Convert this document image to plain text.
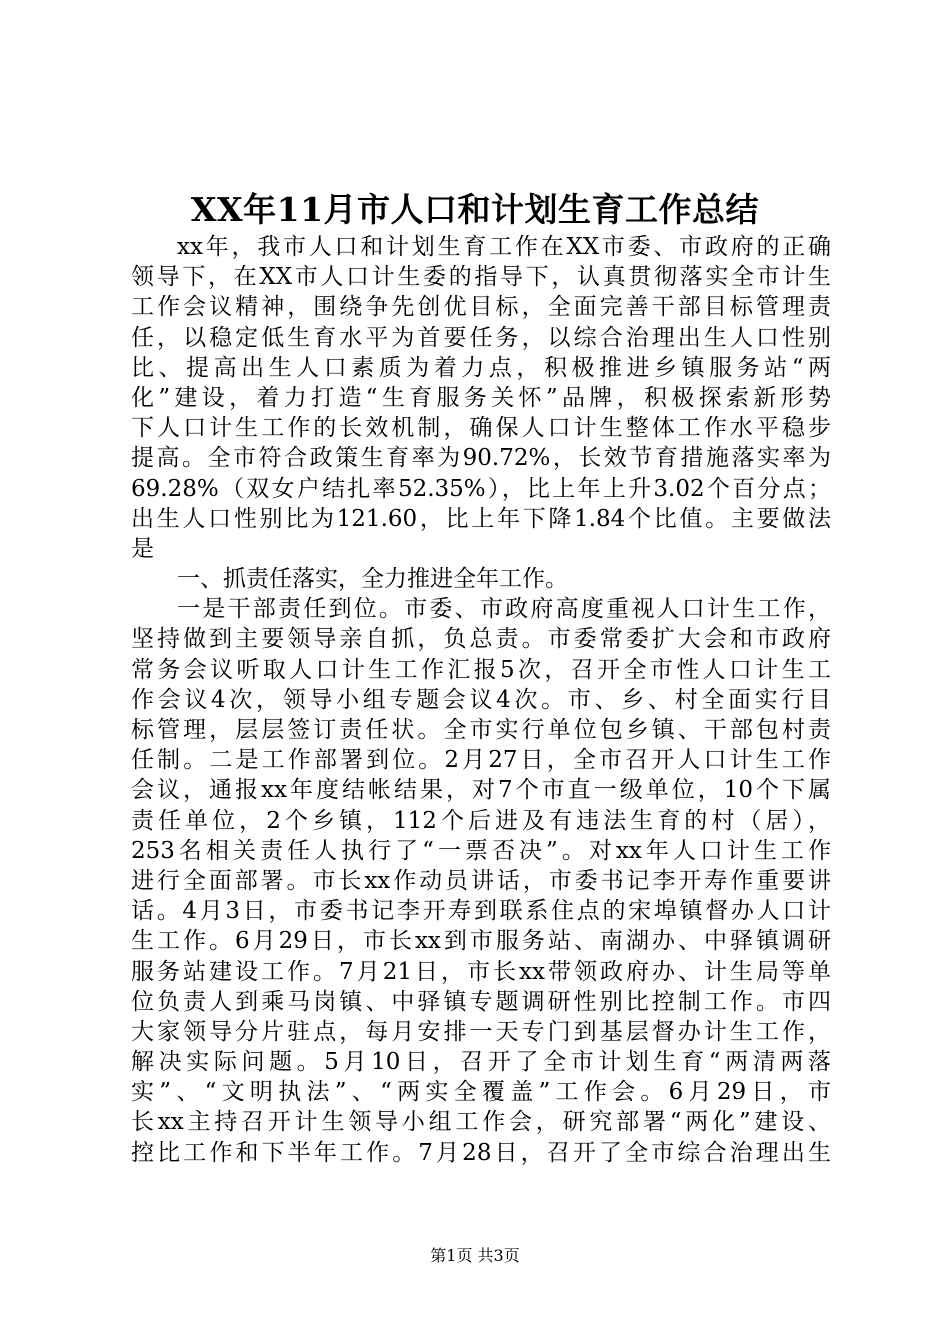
XX年11月市人口和计划生育工作总结
xx年，我市人口和计划生育工作在XX市委、市政府的正确
领导下，在XX市人口计生委的指导下，认真贯彻落实全市计生
工作会议精神，围绕争先创优目标，全面完善干部目标管理责
任，以稳定低生育水平为首要任务，以综合治理出生人口性别
比、提高出生人口素质为着力点，积极推进乡镇服务站“两
化”建设，着力打造“生育服务关怀”品牌，积极探索新形势
下人口计生工作的长效机制，确保人口计生整体工作水平稳步
提高。全市符合政策生育率为90.72%，长效节育措施落实率为
69.28%（双女户结扎率52.35%），比上年上升3.02个百分点；
出生人口性别比为121.60，比上年下降1.84个比值。主要做法
是
一、抓责任落实，全力推进全年工作。
一是干部责任到位。市委、市政府高度重视人口计生工作，
坚持做到主要领导亲自抓，负总责。市委常委扩大会和市政府
常务会议听取人口计生工作汇报5次，召开全市性人口计生工
作会议4次，领导小组专题会议4次。市、乡、村全面实行目
标管理，层层签订责任状。全市实行单位包乡镇、干部包村责
任制。二是工作部署到位。2月27日，全市召开人口计生工作
会议，通报xx年度结帐结果，对7个市直一级单位，10个下属
责任单位，2个乡镇，112个后进及有违法生育的村（居），
253名相关责任人执行了“一票否决”。对xx年人口计生工作
进行全面部署。市长xx作动员讲话，市委书记李开寿作重要讲
话。4月3日，市委书记李开寿到联系住点的宋埠镇督办人口计
生工作。6月29日，市长xx到市服务站、南湖办、中驿镇调研
服务站建设工作。7月21日，市长xx带领政府办、计生局等单
位负责人到乘马岗镇、中驿镇专题调研性别比控制工作。市四
大家领导分片驻点，每月安排一天专门到基层督办计生工作，
解决实际问题。5月10日，召开了全市计划生育“两清两落
实”、“文明执法”、“两实全覆盖”工作会。6月29日，市
长xx主持召开计生领导小组工作会，研究部署“两化”建设、
控比工作和下半年工作。7月28日，召开了全市综合治理出生
第1页 共3页
